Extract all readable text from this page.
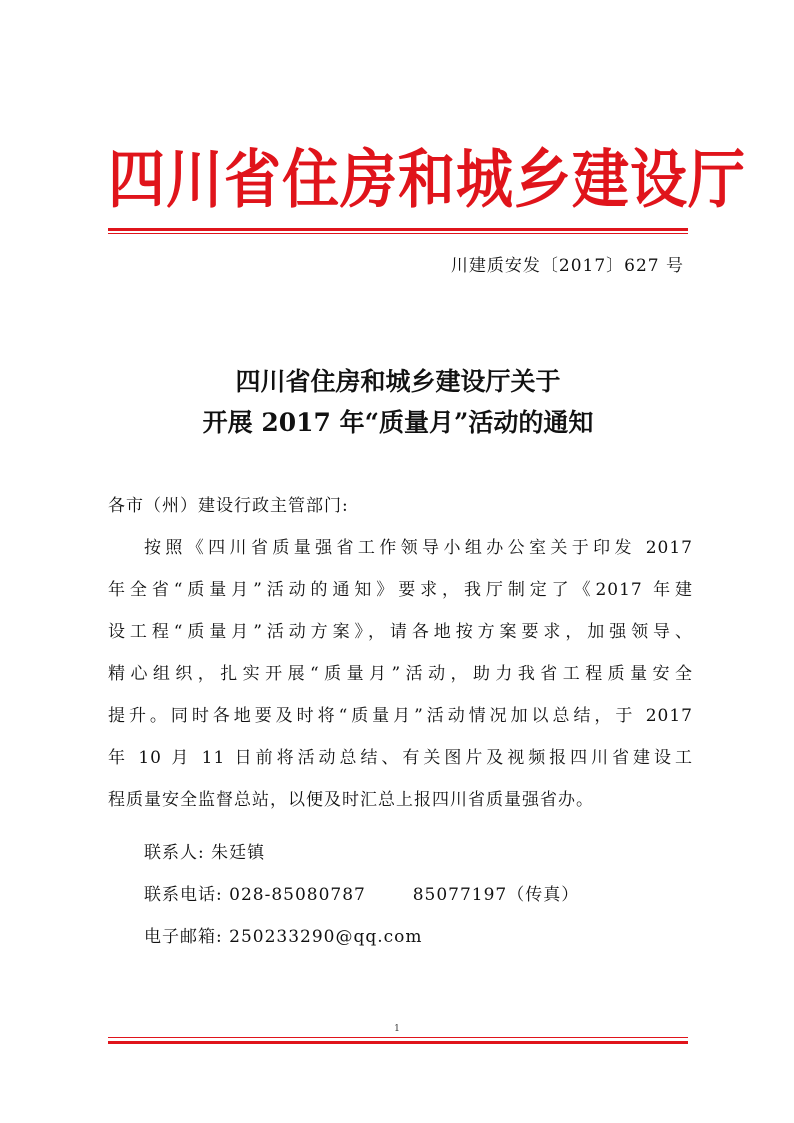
四川省住房和城乡建设厅
川建质安发〔2017〕627 号
四川省住房和城乡建设厅关于
开展 2017 年“质量月”活动的通知
各市（州）建设行政主管部门:
按照《四川省质量强省工作领导小组办公室关于印发 2017
年全省“质量月”活动的通知》要求，我厅制定了《2017 年建
设工程“质量月”活动方案》，请各地按方案要求，加强领导、
精心组织，扎实开展“质量月”活动，助力我省工程质量安全
提升。同时各地要及时将“质量月”活动情况加以总结，于 2017
年 10 月 11 日前将活动总结、有关图片及视频报四川省建设工
程质量安全监督总站，以便及时汇总上报四川省质量强省办。
联系人: 朱廷镇
联系电话: 028-85080787	85077197（传真）
电子邮箱: 250233290@qq.com
1
